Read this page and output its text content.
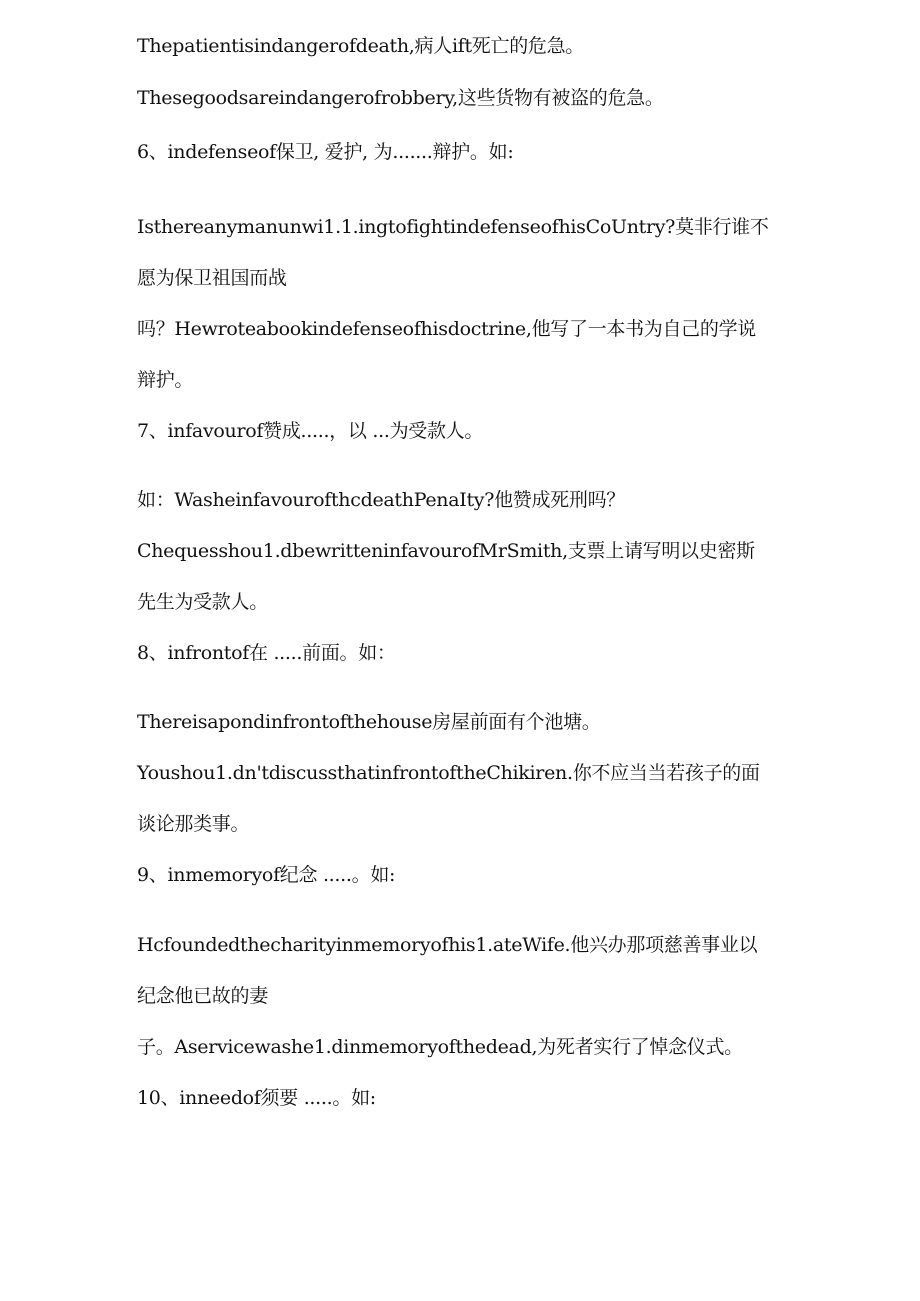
Thepatientisindangerofdeath,病人ift死亡的危急。
Thesegoodsareindangerofrobbery,这些货物有被盗的危急。
6、indefenseof保卫, 爱护, 为.......辩护。如:
Isthereanymanunwi1.1.ingtofightindefenseofhisCoUntry?莫非行谁不
愿为保卫祖国而战
吗？Hewroteabookindefenseofhisdoctrine,他写了一本书为自己的学说
辩护。
7、infavourof赞成.....，以 ...为受款人。
如：WasheinfavourofthcdeathPenaIty?他赞成死刑吗？
Chequesshou1.dbewritteninfavourofMrSmith,支票上请写明以史密斯
先生为受款人。
8、infrontof在 .....前面。如：
Thereisapondinfrontofthehouse房屋前面有个池塘。
Youshou1.dn'tdiscussthatinfrontoftheChikiren.你不应当当若孩子的面
谈论那类事。
9、inmemoryof纪念 .....。如:
Hcfoundedthecharityinmemoryofhis1.ateWife.他兴办那项慈善事业以
纪念他已故的妻
子。Aservicewashe1.dinmemoryofthedead,为死者实行了悼念仪式。
10、inneedof须要 .....。如:
